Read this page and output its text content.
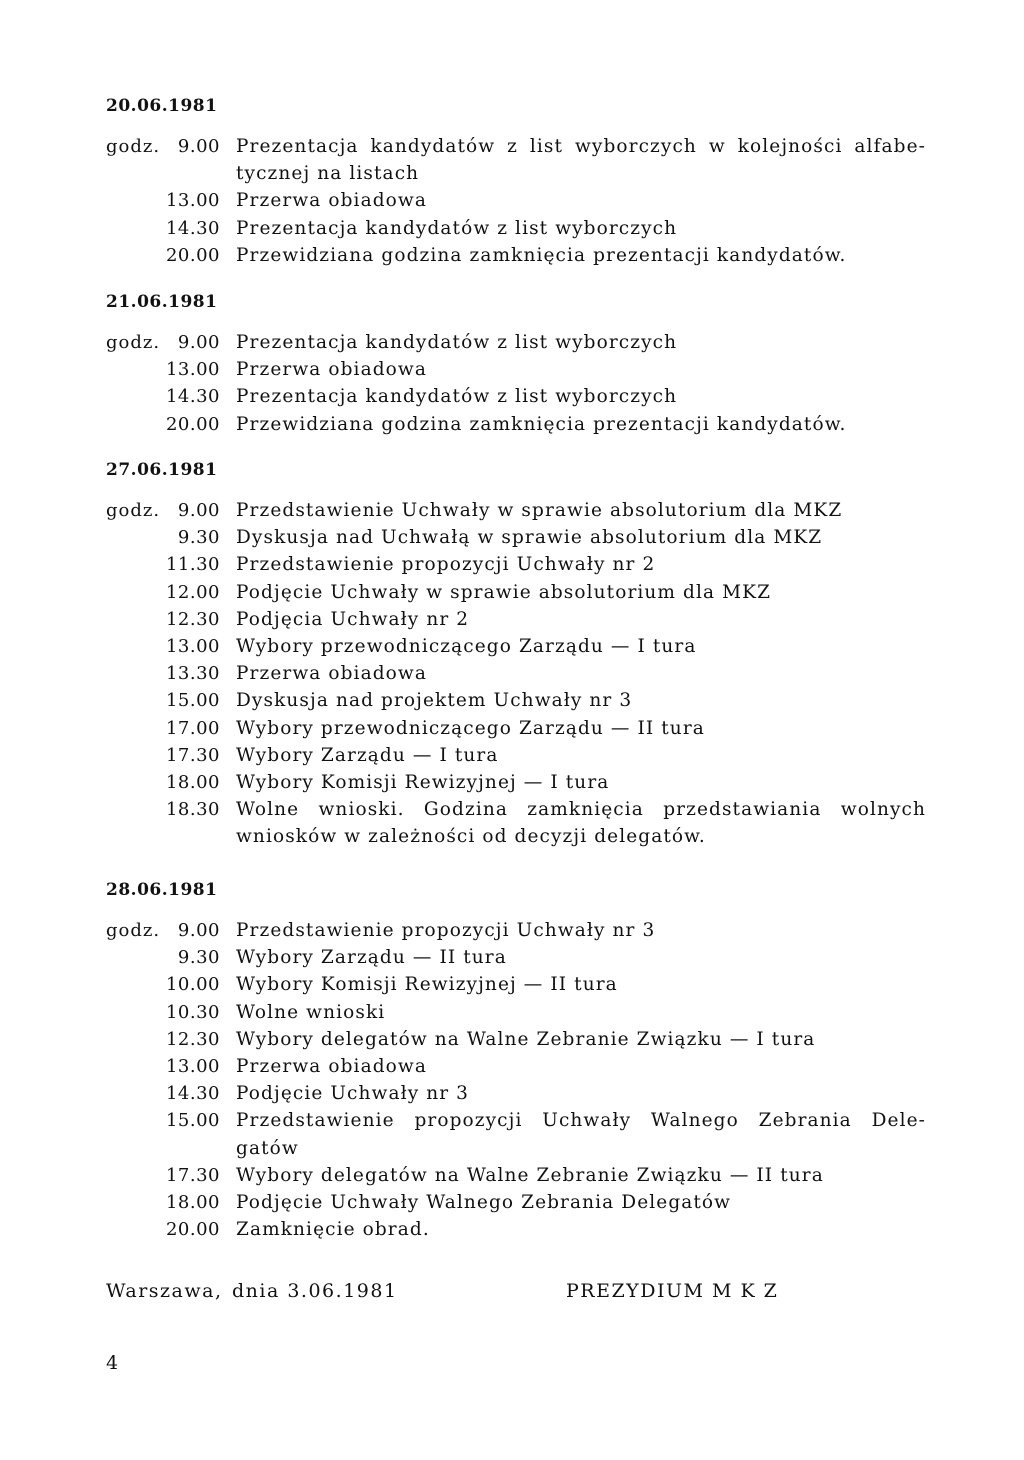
20.06.1981
godz. 9.00 Prezentacja kandydatów z list wyborczych w kolejności alfabe-
tycznej na listach
13.00 Przerwa obiadowa
14.30 Prezentacja kandydatów z list wyborczych
20.00 Przewidziana godzina zamknięcia prezentacji kandydatów.
21.06.1981
godz. 9.00 Prezentacja kandydatów z list wyborczych
13.00 Przerwa obiadowa
14.30 Prezentacja kandydatów z list wyborczych
20.00 Przewidziana godzina zamknięcia prezentacji kandydatów.
27.06.1981
godz. 9.00 Przedstawienie Uchwały w sprawie absolutorium dla MKZ
9.30 Dyskusja nad Uchwałą w sprawie absolutorium dla MKZ
11.30 Przedstawienie propozycji Uchwały nr 2
12.00 Podjęcie Uchwały w sprawie absolutorium dla MKZ
12.30 Podjęcia Uchwały nr 2
13.00 Wybory przewodniczącego Zarządu — I tura
13.30 Przerwa obiadowa
15.00 Dyskusja nad projektem Uchwały nr 3
17.00 Wybory przewodniczącego Zarządu — II tura
17.30 Wybory Zarządu — I tura
18.00 Wybory Komisji Rewizyjnej — I tura
18.30 Wolne wnioski. Godzina zamknięcia przedstawiania wolnych
wniosków w zależności od decyzji delegatów.
28.06.1981
godz. 9.00 Przedstawienie propozycji Uchwały nr 3
9.30 Wybory Zarządu — II tura
10.00 Wybory Komisji Rewizyjnej — II tura
10.30 Wolne wnioski
12.30 Wybory delegatów na Walne Zebranie Związku — I tura
13.00 Przerwa obiadowa
14.30 Podjęcie Uchwały nr 3
15.00 Przedstawienie propozycji Uchwały Walnego Zebrania Dele-
gatów
17.30 Wybory delegatów na Walne Zebranie Związku — II tura
18.00 Podjęcie Uchwały Walnego Zebrania Delegatów
20.00 Zamknięcie obrad.
Warszawa, dnia 3.06.1981	PREZYDIUM M K Z
4
